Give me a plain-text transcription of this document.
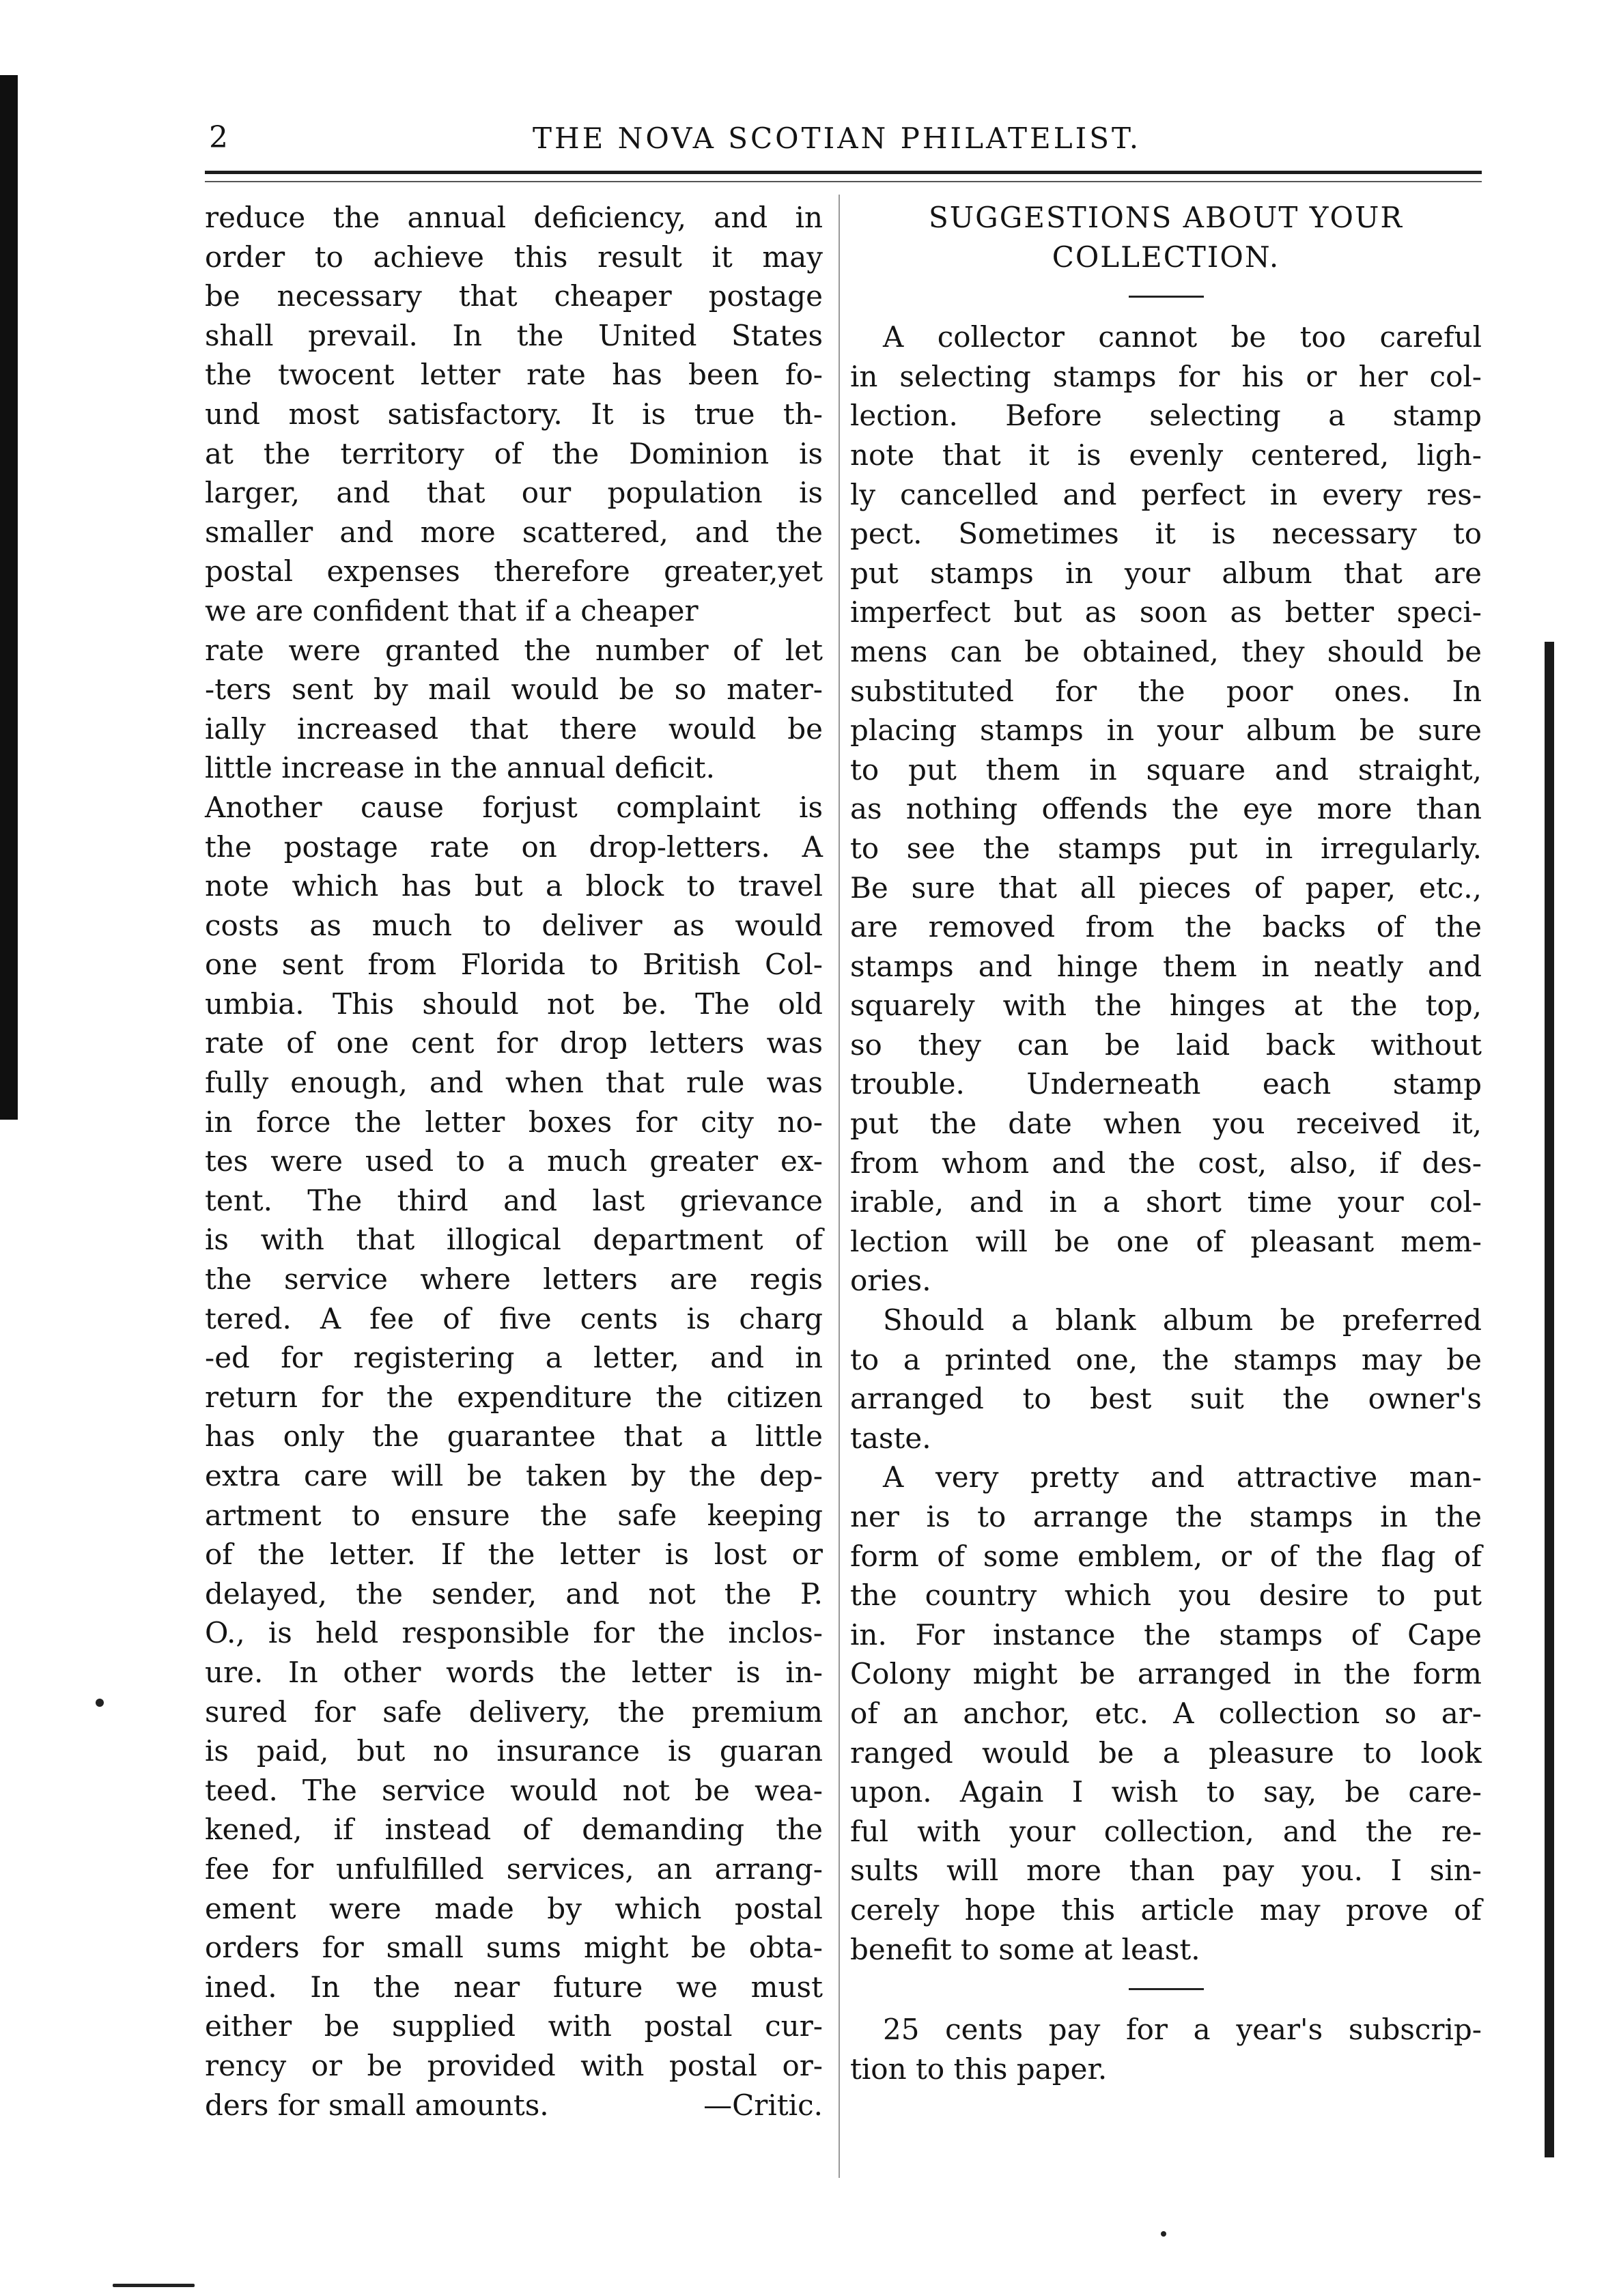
2	THE NOVA SCOTIAN PHILATELIST.
reduce the annual deficiency, and in
order to achieve this result it may
be necessary that cheaper postage
shall prevail. In the United States
the twocent letter rate has been fo-
und most satisfactory. It is true th-
at the territory of the Dominion is
larger, and that our population is
smaller and more scattered, and the
postal expenses therefore greater,yet
we are confident that if a cheaper
rate were granted the number of let
-ters sent by mail would be so mater-
ially increased that there would be
little increase in the annual deficit.
Another cause forjust complaint is
the postage rate on drop-letters. A
note which has but a block to travel
costs as much to deliver as would
one sent from Florida to British Col-
umbia. This should not be. The old
rate of one cent for drop letters was
fully enough, and when that rule was
in force the letter boxes for city no-
tes were used to a much greater ex-
tent. The third and last grievance
is with that illogical department of
the service where letters are regis
tered. A fee of five cents is charg
-ed for registering a letter, and in
return for the expenditure the citizen
has only the guarantee that a little
extra care will be taken by the dep-
artment to ensure the safe keeping
of the letter. If the letter is lost or
delayed, the sender, and not the P.
O., is held responsible for the inclos-
ure. In other words the letter is in-
sured for safe delivery, the premium
is paid, but no insurance is guaran
teed. The service would not be wea-
kened, if instead of demanding the
fee for unfulfilled services, an arrang-
ement were made by which postal
orders for small sums might be obta-
ined. In the near future we must
either be supplied with postal cur-
rency or be provided with postal or-
ders for small amounts.	—Critic.
SUGGESTIONS ABOUT YOUR
COLLECTION.
A collector cannot be too careful
in selecting stamps for his or her col-
lection. Before selecting a stamp
note that it is evenly centered, ligh-
ly cancelled and perfect in every res-
pect. Sometimes it is necessary to
put stamps in your album that are
imperfect but as soon as better speci-
mens can be obtained, they should be
substituted for the poor ones. In
placing stamps in your album be sure
to put them in square and straight,
as nothing offends the eye more than
to see the stamps put in irregularly.
Be sure that all pieces of paper, etc.,
are removed from the backs of the
stamps and hinge them in neatly and
squarely with the hinges at the top,
so they can be laid back without
trouble. Underneath each stamp
put the date when you received it,
from whom and the cost, also, if des-
irable, and in a short time your col-
lection will be one of pleasant mem-
ories.
Should a blank album be preferred
to a printed one, the stamps may be
arranged to best suit the owner's
taste.
A very pretty and attractive man-
ner is to arrange the stamps in the
form of some emblem, or of the flag of
the country which you desire to put
in. For instance the stamps of Cape
Colony might be arranged in the form
of an anchor, etc. A collection so ar-
ranged would be a pleasure to look
upon. Again I wish to say, be care-
ful with your collection, and the re-
sults will more than pay you. I sin-
cerely hope this article may prove of
benefit to some at least.
25 cents pay for a year's subscrip-
tion to this paper.
